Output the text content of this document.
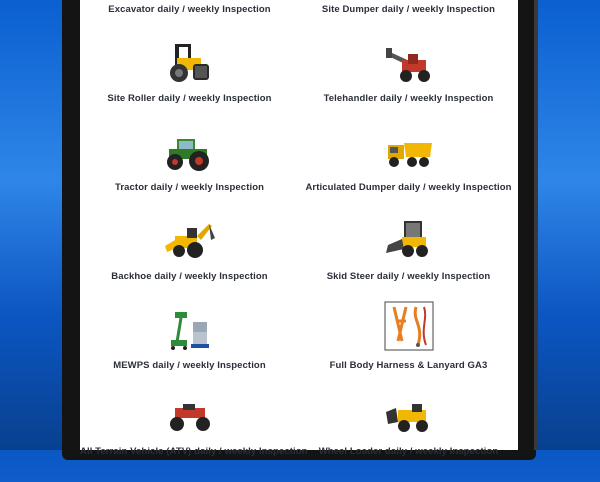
Excavator daily / weekly Inspection	Site Dumper daily / weekly Inspection
Site Roller daily / weekly Inspection	Telehandler daily / weekly Inspection
Tractor daily / weekly Inspection	Articulated Dumper daily / weekly Inspection
Backhoe daily / weekly Inspection	Skid Steer daily / weekly Inspection
MEWPS daily / weekly Inspection	Full Body Harness & Lanyard GA3
All Terrain Vehicle (ATV) daily / weekly Inspection	Wheel Loader daily / weekly Inspection
